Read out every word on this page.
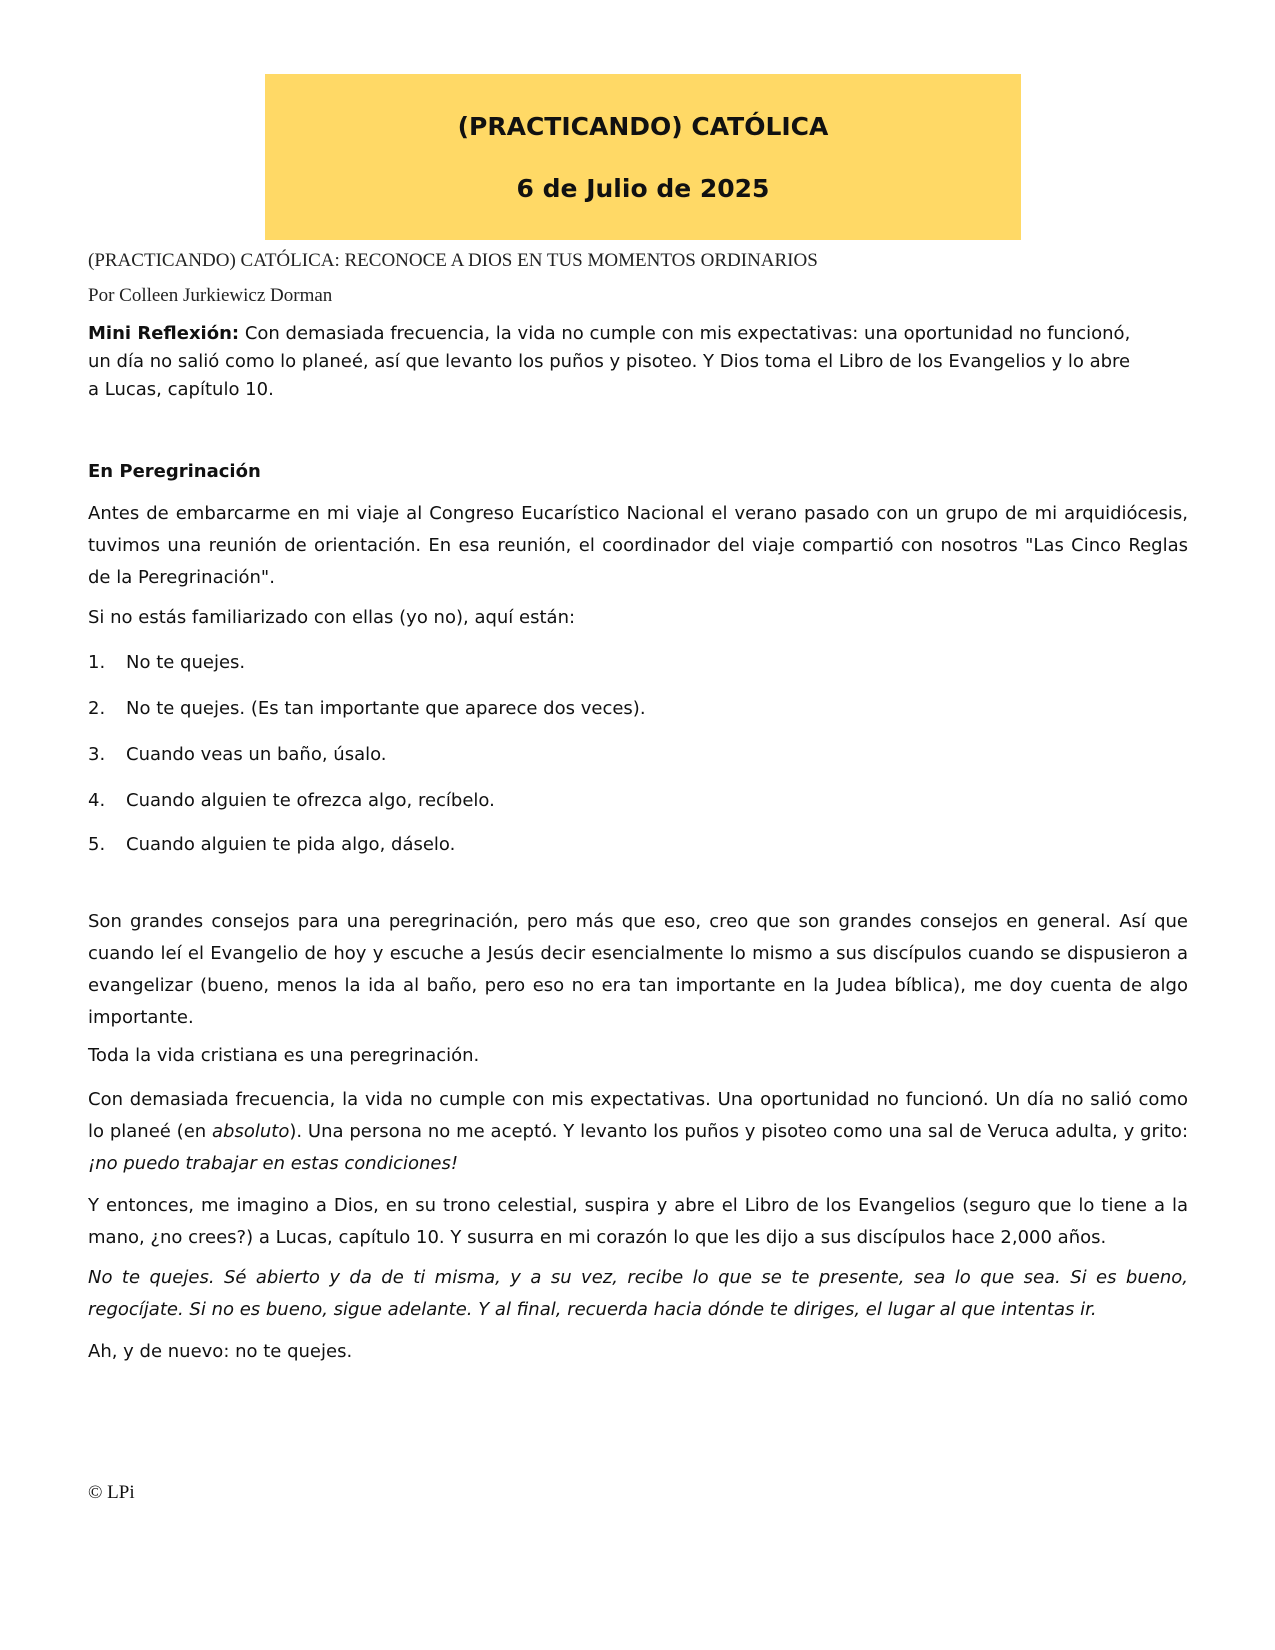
(PRACTICANDO) CATÓLICA
6 de Julio de 2025
(PRACTICANDO) CATÓLICA: RECONOCE A DIOS EN TUS MOMENTOS ORDINARIOS
Por Colleen Jurkiewicz Dorman
Mini Reflexión: Con demasiada frecuencia, la vida no cumple con mis expectativas: una oportunidad no funcionó, un día no salió como lo planeé, así que levanto los puños y pisoteo. Y Dios toma el Libro de los Evangelios y lo abre a Lucas, capítulo 10.
En Peregrinación
Antes de embarcarme en mi viaje al Congreso Eucarístico Nacional el verano pasado con un grupo de mi arquidiócesis, tuvimos una reunión de orientación. En esa reunión, el coordinador del viaje compartió con nosotros "Las Cinco Reglas de la Peregrinación".
Si no estás familiarizado con ellas (yo no), aquí están:
1. No te quejes.
2. No te quejes. (Es tan importante que aparece dos veces).
3. Cuando veas un baño, úsalo.
4. Cuando alguien te ofrezca algo, recíbelo.
5. Cuando alguien te pida algo, dáselo.
Son grandes consejos para una peregrinación, pero más que eso, creo que son grandes consejos en general. Así que cuando leí el Evangelio de hoy y escuche a Jesús decir esencialmente lo mismo a sus discípulos cuando se dispusieron a evangelizar (bueno, menos la ida al baño, pero eso no era tan importante en la Judea bíblica), me doy cuenta de algo importante.
Toda la vida cristiana es una peregrinación.
Con demasiada frecuencia, la vida no cumple con mis expectativas. Una oportunidad no funcionó. Un día no salió como lo planeé (en absoluto). Una persona no me aceptó. Y levanto los puños y pisoteo como una sal de Veruca adulta, y grito: ¡no puedo trabajar en estas condiciones!
Y entonces, me imagino a Dios, en su trono celestial, suspira y abre el Libro de los Evangelios (seguro que lo tiene a la mano, ¿no crees?) a Lucas, capítulo 10. Y susurra en mi corazón lo que les dijo a sus discípulos hace 2,000 años.
No te quejes. Sé abierto y da de ti misma, y a su vez, recibe lo que se te presente, sea lo que sea. Si es bueno, regocíjate. Si no es bueno, sigue adelante. Y al final, recuerda hacia dónde te diriges, el lugar al que intentas ir.
Ah, y de nuevo: no te quejes.
© LPi
